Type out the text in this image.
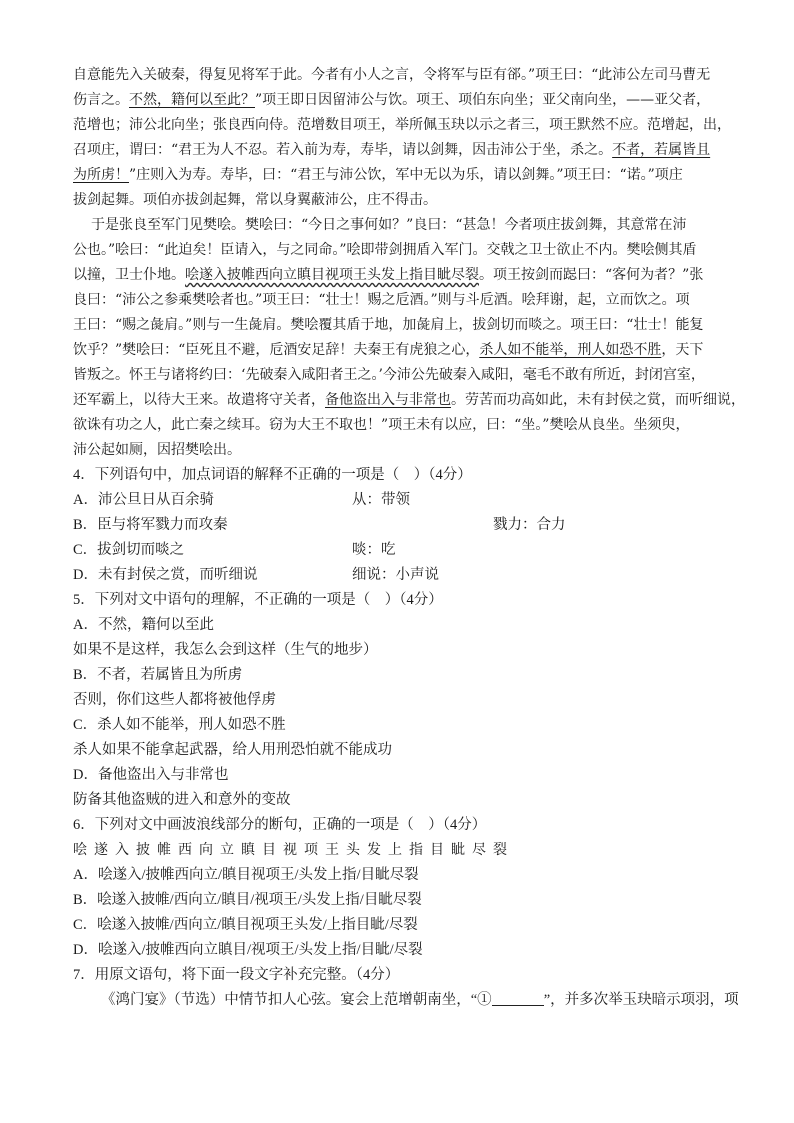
自意能先入关破秦，得复见将军于此。今者有小人之言，令将军与臣有郤。”项王曰：“此沛公左司马曹无
伤言之。不然，籍何以至此？”项王即日因留沛公与饮。项王、项伯东向坐；亚父南向坐，——亚父者，
范增也；沛公北向坐；张良西向侍。范增数目项王，举所佩玉玦以示之者三，项王默然不应。范增起，出，
召项庄，谓曰：“君王为人不忍。若入前为寿，寿毕，请以剑舞，因击沛公于坐，杀之。不者，若属皆且
为所虏！”庄则入为寿。寿毕，曰：“君王与沛公饮，军中无以为乐，请以剑舞。”项王曰：“诺。”项庄
拔剑起舞。项伯亦拔剑起舞，常以身翼蔽沛公，庄不得击。
于是张良至军门见樊哙。樊哙曰：“今日之事何如？”良曰：“甚急！今者项庄拔剑舞，其意常在沛
公也。”哙曰：“此迫矣！臣请入，与之同命。”哙即带剑拥盾入军门。交戟之卫士欲止不内。樊哙侧其盾
以撞，卫士仆地。哙遂入披帷西向立瞋目视项王头发上指目眦尽裂。项王按剑而跽曰：“客何为者？”张
良曰：“沛公之参乘樊哙者也。”项王曰：“壮士！赐之卮酒。”则与斗卮酒。哙拜谢，起，立而饮之。项
王曰：“赐之彘肩。”则与一生彘肩。樊哙覆其盾于地，加彘肩上，拔剑切而啖之。项王曰：“壮士！能复
饮乎？”樊哙曰：“臣死且不避，卮酒安足辞！夫秦王有虎狼之心，杀人如不能举，刑人如恐不胜，天下
皆叛之。怀王与诸将约曰：‘先破秦入咸阳者王之。’今沛公先破秦入咸阳，毫毛不敢有所近，封闭宫室，
还军霸上，以待大王来。故遣将守关者，备他盗出入与非常也。劳苦而功高如此，未有封侯之赏，而听细说，
欲诛有功之人，此亡秦之续耳。窃为大王不取也！”项王未有以应，曰：“坐。”樊哙从良坐。坐须臾，
沛公起如厕，因招樊哙出。
4．下列语句中，加点词语的解释不正确的一项是（　）（4分）
A．沛公旦日从百余骑	从：带领
B．臣与将军戮力而攻秦	戮力：合力
C．拔剑切而啖之	啖：吃
D．未有封侯之赏，而听细说	细说：小声说
5．下列对文中语句的理解，不正确的一项是（　）（4分）
A．不然，籍何以至此
如果不是这样，我怎么会到这样（生气的地步）
B．不者，若属皆且为所虏
否则，你们这些人都将被他俘虏
C．杀人如不能举，刑人如恐不胜
杀人如果不能拿起武器，给人用刑恐怕就不能成功
D．备他盗出入与非常也
防备其他盗贼的进入和意外的变故
6．下列对文中画波浪线部分的断句，正确的一项是（　）（4分）
哙遂入披帷西向立瞋目视项王头发上指目眦尽裂
A．哙遂入/披帷西向立/瞋目视项王/头发上指/目眦尽裂
B．哙遂入披帷/西向立/瞋目/视项王/头发上指/目眦尽裂
C．哙遂入披帷/西向立/瞋目视项王头发/上指目眦/尽裂
D．哙遂入/披帷西向立瞋目/视项王/头发上指/目眦/尽裂
7．用原文语句，将下面一段文字补充完整。（4分）
《鸿门宴》（节选）中情节扣人心弦。宴会上范增朝南坐，“①	”，并多次举玉玦暗示项羽，项
